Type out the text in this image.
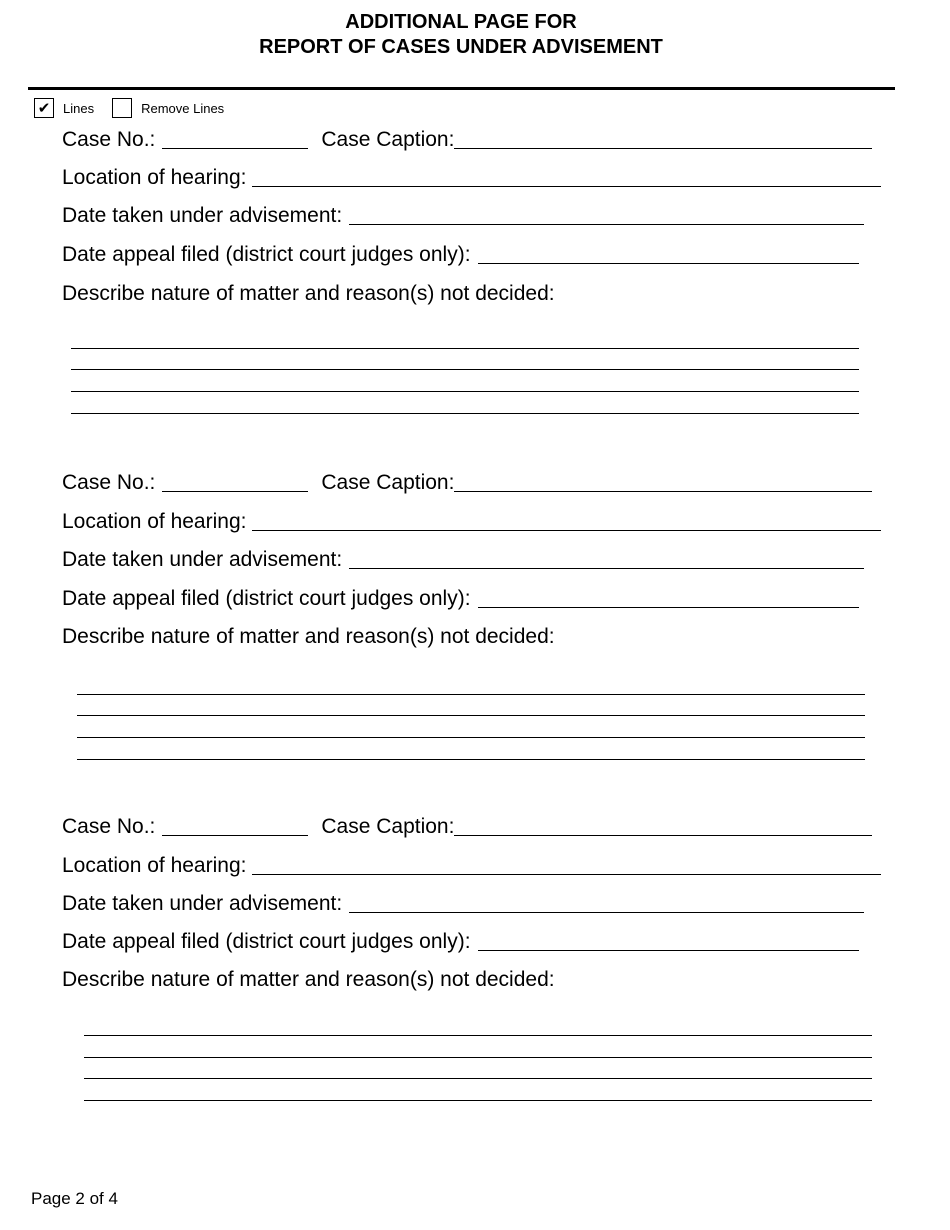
ADDITIONAL PAGE FOR
REPORT OF CASES UNDER ADVISEMENT
✔ Lines	Remove Lines
Case No.:	Case Caption:
Location of hearing:
Date taken under advisement:
Date appeal filed (district court judges only):
Describe nature of matter and reason(s) not decided:
Case No.:	Case Caption:
Location of hearing:
Date taken under advisement:
Date appeal filed (district court judges only):
Describe nature of matter and reason(s) not decided:
Case No.:	Case Caption:
Location of hearing:
Date taken under advisement:
Date appeal filed (district court judges only):
Describe nature of matter and reason(s) not decided:
Page 2 of 4
